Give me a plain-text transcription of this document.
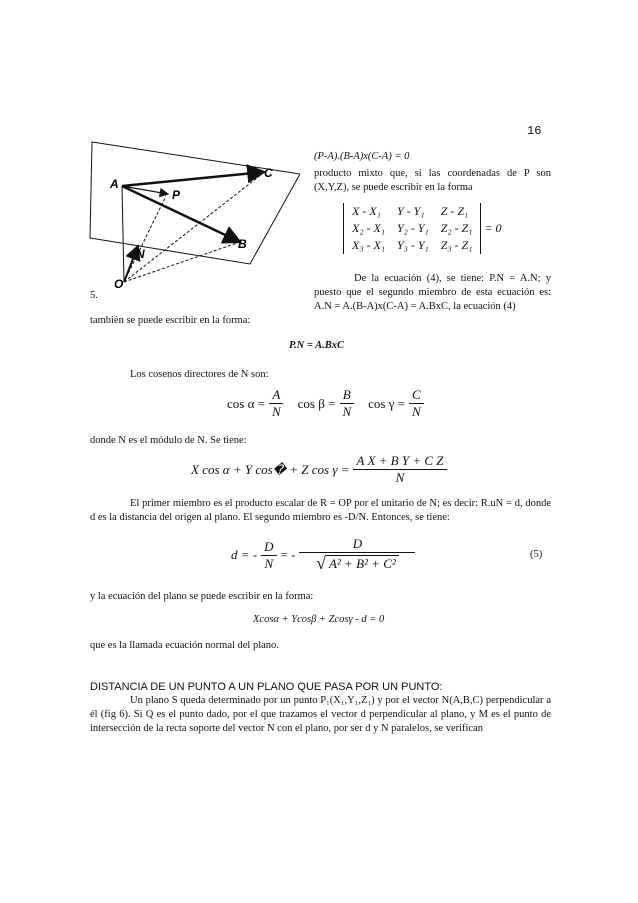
16
A
P
C
N
B
O
5.
(P-A).(B-A)x(C-A) = 0
producto mixto que, si las coordenadas de P son (X,Y,Z), se puede escribir en la forma
X - X₁	Y - Y₁	Z - Z₁
X₂ - X₁	Y₂ - Y₁	Z₂ - Z₁
X₃ - X₁	Y₃ - Y₁	Z₃ - Z₁
= 0
De la ecuación (4), se tiene: P.N = A.N; y puesto que el segundo miembro de esta ecuación es: A.N = A.(B-A)x(C-A) = A.BxC, la ecuación (4)
también se puede escribir en la forma:
P.N = A.BxC
Los cosenos directores de N son:
$\cos \alpha = \frac{A}{N}$ $\cos \beta = \frac{B}{N}$ $\cos \gamma = \frac{C}{N}$
donde N es el módulo de N. Se tiene:
X cos α + Y cos� + Z $\cos \gamma = \frac{\text{A X + B Y + C Z}}{N}$
El primer miembro es el producto escalar de R = OP por el unitario de N; es decir: R.uN = d, donde d es la distancia del origen al plano. El segundo miembro es -D/N. Entonces, se tiene:
d = - $\frac{D}{N}$ = - $\frac{D}{\text{√ A² + B² + C²}}$	(5)
y la ecuación del plano se puede escribir en la forma:
Xcosα + Ycosβ + Zcosγ - d = 0
que es la llamada ecuación normal del plano.
DISTANCIA DE UN PUNTO A UN PLANO QUE PASA POR UN PUNTO:
Un plano S queda determinado por un punto P₁(X₁,Y₁,Z₁) y por el vector N(A,B,C) perpendicular a él (fig 6). Si Q es el punto dado, por el que trazamos el vector d perpendicular al plano, y M es el punto de intersección de la recta soporte del vector N con el plano, por ser d y N paralelos, se verifican
